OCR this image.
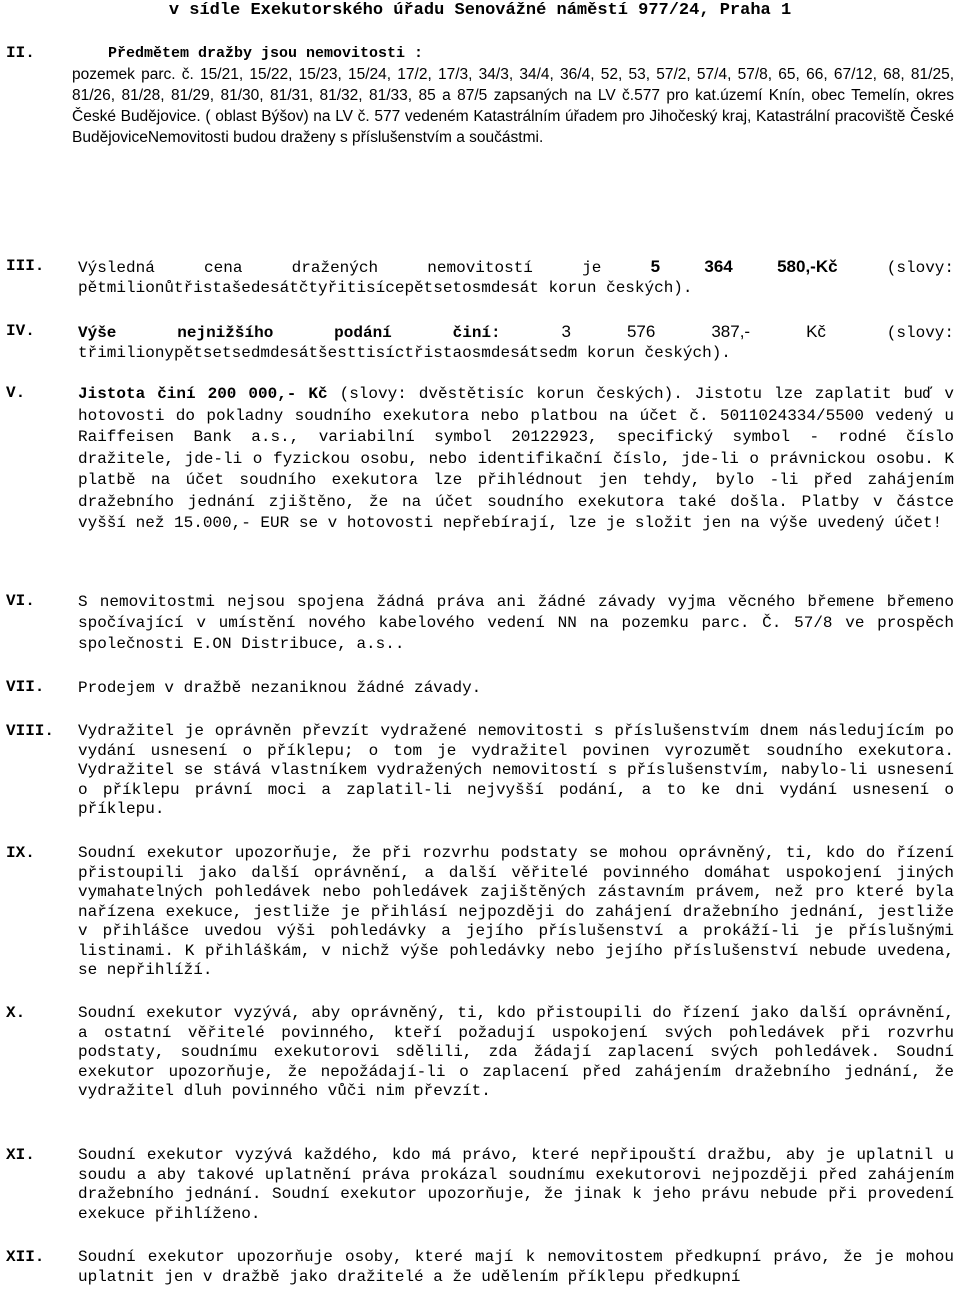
v sídle Exekutorského úřadu Senovážné náměstí 977/24, Praha 1
II.	Předmětem dražby jsou nemovitosti :
pozemek parc. č. 15/21, 15/22, 15/23, 15/24, 17/2, 17/3, 34/3, 34/4, 36/4, 52, 53, 57/2, 57/4, 57/8, 65, 66, 67/12, 68, 81/25, 81/26, 81/28, 81/29, 81/30, 81/31, 81/32, 81/33, 85 a 87/5 zapsaných na LV č.577 pro kat.území Knín, obec Temelín, okres České Budějovice. ( oblast Býšov) na LV č. 577 vedeném Katastrálním úřadem pro Jihočeský kraj, Katastrální pracoviště České BudějoviceNemovitosti budou draženy s příslušenstvím a součástmi.
III. Výsledná cena dražených nemovitostí je	5 364 580,-Kč	(slovy: pětmilionůtřistašedesátčtyřitisícepětsetosmdesát korun českých).
IV.	Výše nejnižšího podání činí:	3 576 387,- Kč	(slovy: třimilionypětsetsedmdesátšesttisíctřistaosmdesátsedm korun českých).
V.	Jistota činí 200 000,- Kč (slovy: dvěstětisíc korun českých). Jistotu lze zaplatit buď v hotovosti do pokladny soudního exekutora nebo platbou na účet č. 5011024334/5500 vedený u Raiffeisen Bank a.s., variabilní symbol 20122923, specifický symbol - rodné číslo dražitele, jde-li o fyzickou osobu, nebo identifikační číslo, jde-li o právnickou osobu. K platbě na účet soudního exekutora lze přihlédnout jen tehdy, bylo -li před zahájením dražebního jednání zjištěno, že na účet soudního exekutora také došla. Platby v částce vyšší než 15.000,- EUR se v hotovosti nepřebírají, lze je složit jen na výše uvedený účet!
VI.	S nemovitostmi nejsou spojena žádná práva ani žádné závady vyjma věcného břemene břemeno spočívající v umístění nového kabelového vedení NN na pozemku parc. Č. 57/8 ve prospěch společnosti E.ON Distribuce, a.s..
VII. Prodejem v dražbě nezaniknou žádné závady.
VIII. Vydražitel je oprávněn převzít vydražené nemovitosti s příslušenstvím dnem následujícím po vydání usnesení o příklepu; o tom je vydražitel povinen vyrozumět soudního exekutora. Vydražitel se stává vlastníkem vydražených nemovitostí s příslušenstvím, nabylo-li usnesení o příklepu právní moci a zaplatil-li nejvyšší podání, a to ke dni vydání usnesení o příklepu.
IX.	Soudní exekutor upozorňuje, že při rozvrhu podstaty se mohou oprávněný, ti, kdo do řízení přistoupili jako další oprávnění, a další věřitelé povinného domáhat uspokojení jiných vymahatelných pohledávek nebo pohledávek zajištěných zástavním právem, než pro které byla nařízena exekuce, jestliže je přihlásí nejpozději do zahájení dražebního jednání, jestliže v přihlášce uvedou výši pohledávky a jejího příslušenství a prokáží-li je příslušnými listinami. K přihláškám, v nichž výše pohledávky nebo jejího příslušenství nebude uvedena, se nepřihlíží.
X.	Soudní exekutor vyzývá, aby oprávněný, ti, kdo přistoupili do řízení jako další oprávnění, a ostatní věřitelé povinného, kteří požadují uspokojení svých pohledávek při rozvrhu podstaty, soudnímu exekutorovi sdělili, zda žádají zaplacení svých pohledávek. Soudní exekutor upozorňuje, že nepožádají-li o zaplacení před zahájením dražebního jednání, že vydražitel dluh povinného vůči nim převzít.
XI.	Soudní exekutor vyzývá každého, kdo má právo, které nepřipouští dražbu, aby je uplatnil u soudu a aby takové uplatnění práva prokázal soudnímu exekutorovi nejpozději před zahájením dražebního jednání. Soudní exekutor upozorňuje, že jinak k jeho právu nebude při provedení exekuce přihlíženo.
XII. Soudní exekutor upozorňuje osoby, které mají k nemovitostem předkupní právo, že je mohou uplatnit jen v dražbě jako dražitelé a že udělením příklepu předkupní
